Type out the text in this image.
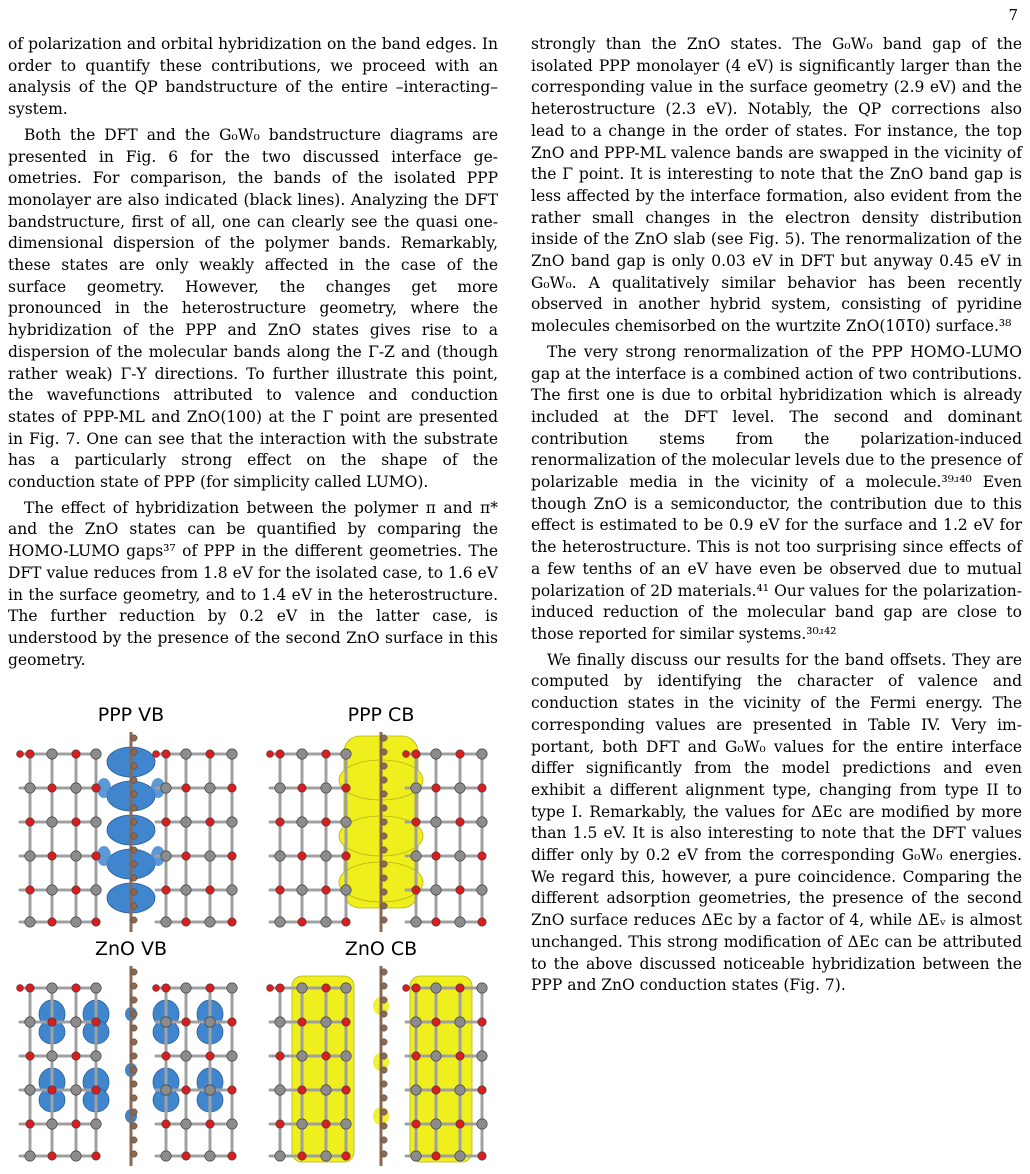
7

of polarization and orbital hybridization on the band edges. In order to quantify these contributions, we proceed with an analysis of the QP bandstructure of the entire –interacting– system.

Both the DFT and the G₀W₀ bandstructure diagrams are presented in Fig. 6 for the two discussed interface geometries. For comparison, the bands of the isolated PPP monolayer are also indicated (black lines). Analyzing the DFT bandstructure, first of all, one can clearly see the quasi one-dimensional dispersion of the polymer bands. Remarkably, these states are only weakly affected in the case of the surface geometry. However, the changes get more pronounced in the heterostructure geometry, where the hybridization of the PPP and ZnO states gives rise to a dispersion of the molecular bands along the Γ-Z and (though rather weak) Γ-Y directions. To further illustrate this point, the wavefunctions attributed to valence and conduction states of PPP-ML and ZnO(100) at the Γ point are presented in Fig. 7. One can see that the interaction with the substrate has a particularly strong effect on the shape of the conduction state of PPP (for simplicity called LUMO).

The effect of hybridization between the polymer π and π* and the ZnO states can be quantified by comparing the HOMO-LUMO gaps³⁷ of PPP in the different geometries. The DFT value reduces from 1.8 eV for the isolated case, to 1.6 eV in the surface geometry, and to 1.4 eV in the heterostructure. The further reduction by 0.2 eV in the latter case, is understood by the presence of the second ZnO surface in this geometry.

strongly than the ZnO states. The G₀W₀ band gap of the isolated PPP monolayer (4 eV) is significantly larger than the corresponding value in the surface geometry (2.9 eV) and the heterostructure (2.3 eV). Notably, the QP corrections also lead to a change in the order of states. For instance, the top ZnO and PPP-ML valence bands are swapped in the vicinity of the Γ point. It is interesting to note that the ZnO band gap is less affected by the interface formation, also evident from the rather small changes in the electron density distribution inside of the ZnO slab (see Fig. 5). The renormalization of the ZnO band gap is only 0.03 eV in DFT but anyway 0.45 eV in G₀W₀. A qualitatively similar behavior has been recently observed in another hybrid system, consisting of pyridine molecules chemisorbed on the wurtzite ZnO(10̅1̅0) surface.³⁸

The very strong renormalization of the PPP HOMO-LUMO gap at the interface is a combined action of two contributions. The first one is due to orbital hybridization which is already included at the DFT level. The second and dominant contribution stems from the polarization-induced renormalization of the molecular levels due to the presence of polarizable media in the vicinity of a molecule.³⁹ʴ⁴⁰ Even though ZnO is a semiconductor, the contribution due to this effect is estimated to be 0.9 eV for the surface and 1.2 eV for the heterostructure. This is not too surprising since effects of a few tenths of an eV have even be observed due to mutual polarization of 2D materials.⁴¹ Our values for the polarization-induced reduction of the molecular band gap are close to those reported for similar systems.³⁰ʴ⁴²

We finally discuss our results for the band offsets. They are computed by identifying the character of valence and conduction states in the vicinity of the Fermi energy. The corresponding values are presented in Table IV. Very important, both DFT and G₀W₀ values for the entire interface differ significantly from the model predictions and even exhibit a different alignment type, changing from type II to type I. Remarkably, the values for ΔEᴄ are modified by more than 1.5 eV. It is also interesting to note that the DFT values differ only by 0.2 eV from the corresponding G₀W₀ energies. We regard this, however, a pure coincidence. Comparing the different adsorption geometries, the presence of the second ZnO surface reduces ΔEᴄ by a factor of 4, while ΔEᵥ is almost unchanged. This strong modification of ΔEᴄ can be attributed to the above discussed noticeable hybridization between the PPP and ZnO conduction states (Fig. 7).

PPP VB	PPP CB
ZnO VB	ZnO CB
